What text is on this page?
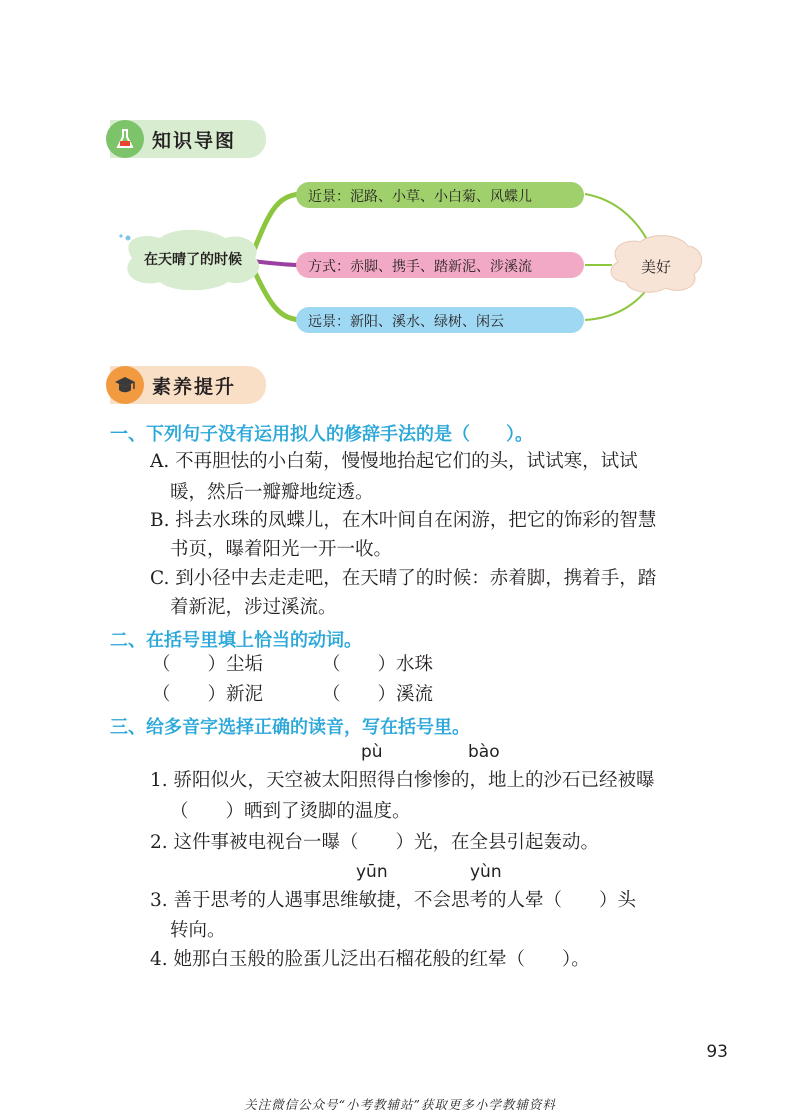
知识导图
在天晴了的时候
近景：泥路、小草、小白菊、风蝶儿
方式：赤脚、携手、踏新泥、涉溪流
远景：新阳、溪水、绿树、闲云
美好
素养提升
一、下列句子没有运用拟人的修辞手法的是（　　）。
A. 不再胆怯的小白菊，慢慢地抬起它们的头，试试寒，试试
暖，然后一瓣瓣地绽透。
B. 抖去水珠的凤蝶儿，在木叶间自在闲游，把它的饰彩的智慧
书页，曝着阳光一开一收。
C. 到小径中去走走吧，在天晴了的时候：赤着脚，携着手，踏
着新泥，涉过溪流。
二、在括号里填上恰当的动词。
（　　）尘垢	（　　）水珠
（　　）新泥	（　　）溪流
三、给多音字选择正确的读音，写在括号里。
pù	bào
1. 骄阳似火，天空被太阳照得白惨惨的，地上的沙石已经被曝
（　　）晒到了烫脚的温度。
2. 这件事被电视台一曝（　　）光，在全县引起轰动。
yūn	yùn
3. 善于思考的人遇事思维敏捷，不会思考的人晕（　　）头
转向。
4. 她那白玉般的脸蛋儿泛出石榴花般的红晕（　　）。
93
关注微信公众号“小考教辅站”获取更多小学教辅资料
